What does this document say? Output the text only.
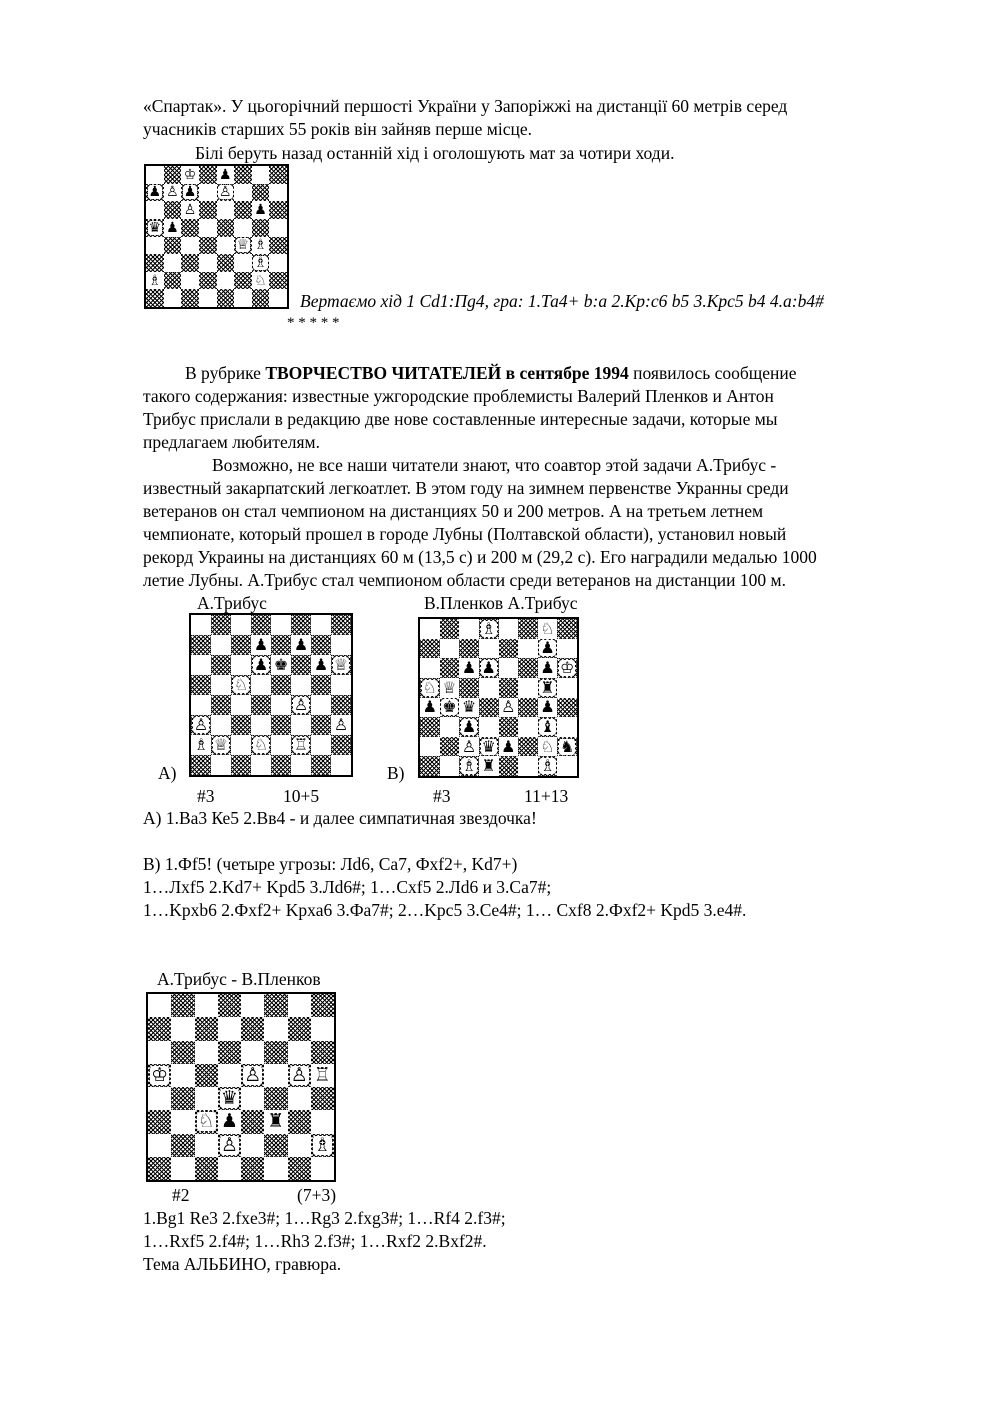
«Спартак». У цьогорічний першості України у Запоріжжі на дистанції 60 метрів серед
учасників старших 55 років він зайняв перше місце.
Білі беруть назад останній хід і оголошують мат за чотири ходи.
♔ ♟
♟ ♙ ♟ ♙
♙	♟
♛ ♟
♕ ♗
♗
♗	♘
Вертаємо хід 1 Cd1:Пg4, гра: 1.Та4+ b:а 2.Кр:с6 b5 3.Крс5 b4 4.а:b4#
* * * * *
В рубрике ТВОРЧЕСТВО ЧИТАТЕЛЕЙ в сентябре 1994 появилось сообщение
такого содержания: известные ужгородские проблемисты Валерий Пленков и Антон
Трибус прислали в редакцию две нове составленные интересные задачи, которые мы
предлагаем любителям.
Возможно, не все наши читатели знают, что соавтор этой задачи А.Трибус -
известный закарпатский легкоатлет. В этом году на зимнем первенстве Укранны среди
ветеранов он стал чемпионом на дистанциях 50 и 200 метров. А на третьем летнем
чемпионате, который прошел в городе Лубны (Полтавской области), установил новый
рекорд Украины на дистанциях 60 м (13,5 с) и 200 м (29,2 с). Его наградили медалью 1000
летие Лубны. А.Трибус стал чемпионом области среди ветеранов на дистанции 100 м.
А.Трибус	В.Пленков А.Трибус
♟ ♟
♟ ♚ ♟ ♕
♘
♙
♙	♙
♗ ♕ ♘ ♖
♗	♘
♟
♟ ♟	♟ ♔
♘ ♕	♜
♟ ♚ ♛ ♙ ♟
♟	♝
♙ ♛ ♟ ♘ ♞
♗ ♜	♗
А)	В)
#3	10+5	#3	11+13
А) 1.Ва3 Ке5 2.Вв4 - и далее симпатичная звездочка!
В) 1.Фf5! (четыре угрозы: Лd6, Са7, Фхf2+, Kd7+)
1…Лхf5 2.Kd7+ Kpd5 3.Лd6#; 1…Cxf5 2.Лd6 и 3.Са7#;
1…Kpxb6 2.Фхf2+ Kpха6 3.Фа7#; 2…Kpc5 3.Ce4#; 1… Cxf8 2.Фхf2+ Kpd5 3.e4#.
А.Трибус - В.Пленков
♔	♙ ♙ ♖
♛
♘ ♟ ♜
♙	♗
#2	(7+3)
1.Bg1 Re3 2.fxe3#; 1…Rg3 2.fxg3#; 1…Rf4 2.f3#;
1…Rxf5 2.f4#; 1…Rh3 2.f3#; 1…Rxf2 2.Bxf2#.
Тема АЛЬБИНО, гравюра.
